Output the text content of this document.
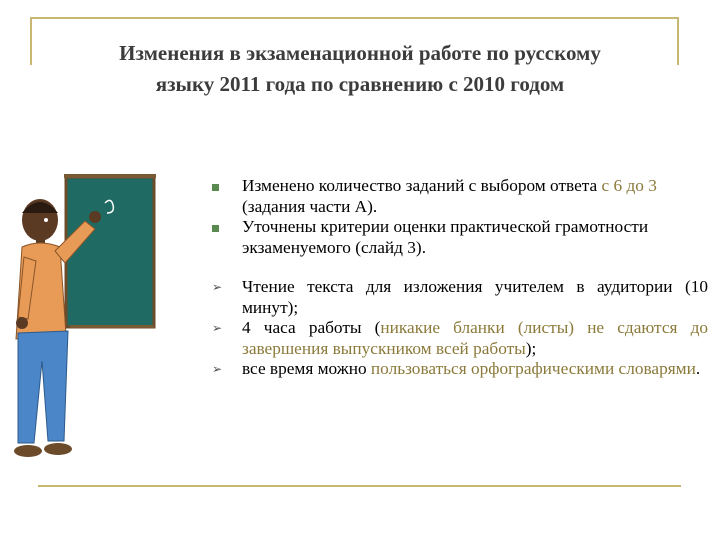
Изменения в экзаменационной работе по русскому
языку 2011 года по сравнению с 2010 годом
Изменено количество заданий с выбором ответа с 6 до 3 (задания части А).
Уточнены критерии оценки практической грамотности экзаменуемого (слайд 3).
➢	Чтение текста для изложения учителем в аудитории (10 минут);
➢	4 часа работы (никакие бланки (листы) не сдаются до завершения выпускником всей работы);
➢	все время можно пользоваться орфографическими словарями.
